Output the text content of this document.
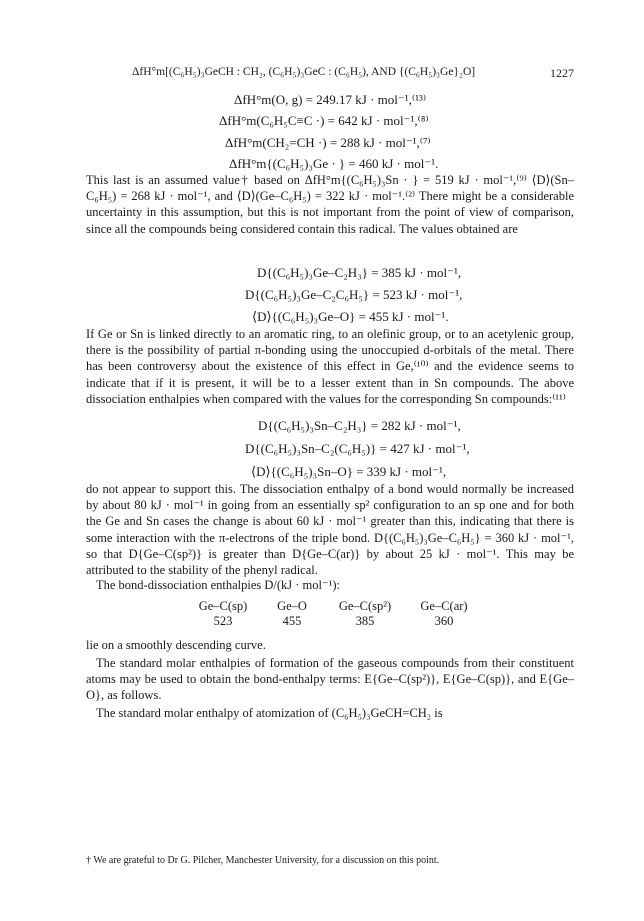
ΔfH°m[(C₆H₅)₃GeCH : CH₂, (C₆H₅)₃GeC : (C₆H₅), AND {(C₆H₅)₃Ge}₂O]	1227
ΔfH°m(O, g) = 249.17 kJ · mol⁻¹,⁽¹³⁾
ΔfH°m(C₆H₅C≡C ·) = 642 kJ · mol⁻¹,⁽⁸⁾
ΔfH°m(CH₂=CH ·) = 288 kJ · mol⁻¹,⁽⁷⁾
ΔfH°m{(C₆H₅)₃Ge · } = 460 kJ · mol⁻¹.

This last is an assumed value† based on ΔfH°m{(C₆H₅)₃Sn · } = 519 kJ · mol⁻¹,⁽⁹⁾ ⟨D⟩(Sn–C₆H₅) = 268 kJ · mol⁻¹, and ⟨D⟩(Ge–C₆H₅) = 322 kJ · mol⁻¹.⁽²⁾ There might be a considerable uncertainty in this assumption, but this is not important from the point of view of comparison, since all the compounds being considered contain this radical. The values obtained are

D{(C₆H₅)₃Ge–C₂H₃} = 385 kJ · mol⁻¹,
D{(C₆H₅)₃Ge–C₂C₆H₅} = 523 kJ · mol⁻¹,
⟨D⟩{(C₆H₅)₃Ge–O} = 455 kJ · mol⁻¹.

If Ge or Sn is linked directly to an aromatic ring, to an olefinic group, or to an acetylenic group, there is the possibility of partial π-bonding using the unoccupied d-orbitals of the metal. There has been controversy about the existence of this effect in Ge,⁽¹⁰⁾ and the evidence seems to indicate that if it is present, it will be to a lesser extent than in Sn compounds. The above dissociation enthalpies when compared with the values for the corresponding Sn compounds:⁽¹¹⁾

D{(C₆H₅)₃Sn–C₂H₃} = 282 kJ · mol⁻¹,
D{(C₆H₅)₃Sn–C₂(C₆H₅)} = 427 kJ · mol⁻¹,
⟨D⟩{(C₆H₅)₃Sn–O} = 339 kJ · mol⁻¹,

do not appear to support this. The dissociation enthalpy of a bond would normally be increased by about 80 kJ · mol⁻¹ in going from an essentially sp² configuration to an sp one and for both the Ge and Sn cases the change is about 60 kJ · mol⁻¹ greater than this, indicating that there is some interaction with the π-electrons of the triple bond. D{(C₆H₅)₃Ge–C₆H₅} = 360 kJ · mol⁻¹, so that D{Ge–C(sp²)} is greater than D{Ge–C(ar)} by about 25 kJ · mol⁻¹. This may be attributed to the stability of the phenyl radical.

The bond-dissociation enthalpies D/(kJ · mol⁻¹):

Ge–C(sp)	Ge–O	Ge–C(sp²)	Ge–C(ar)
523	455	385	360

lie on a smoothly descending curve.

The standard molar enthalpies of formation of the gaseous compounds from their constituent atoms may be used to obtain the bond-enthalpy terms: E{Ge–C(sp²)}, E{Ge–C(sp)}, and E{Ge–O}, as follows.

The standard molar enthalpy of atomization of (C₆H₅)₃GeCH=CH₂ is

† We are grateful to Dr G. Pilcher, Manchester University, for a discussion on this point.
